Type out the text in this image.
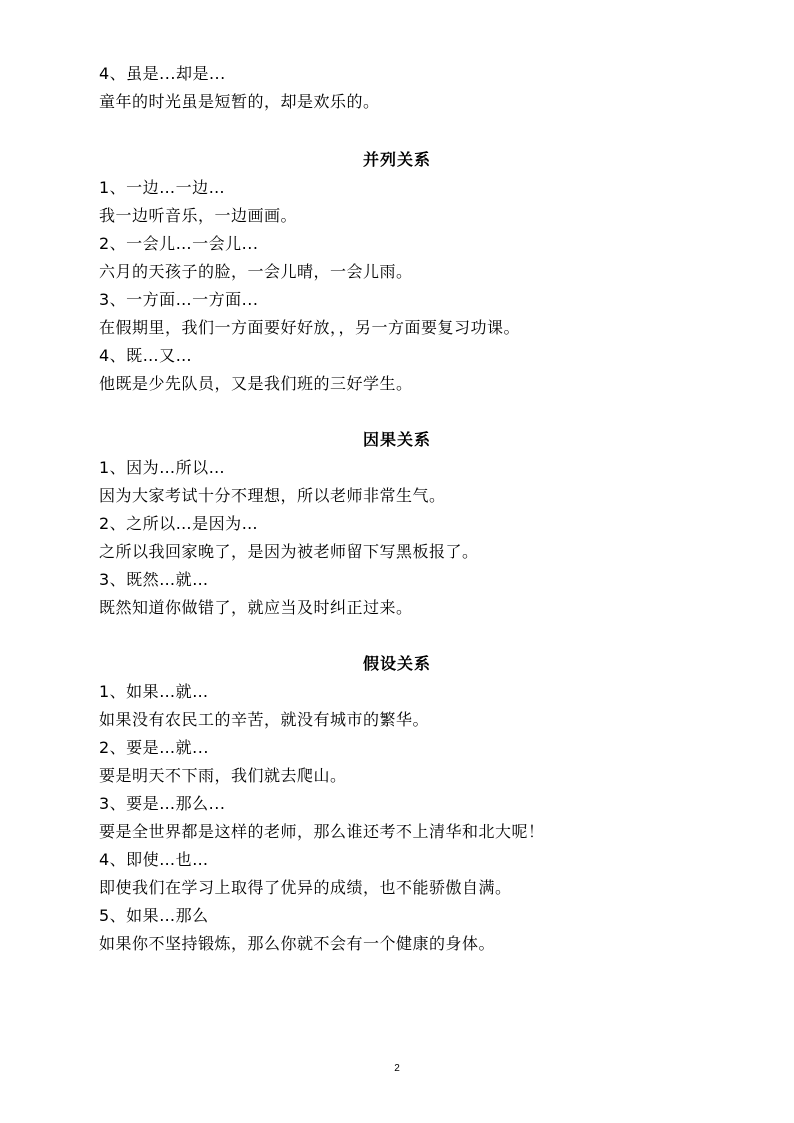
4、虽是...却是...
童年的时光虽是短暂的，却是欢乐的。
并列关系
1、一边…一边…
我一边听音乐，一边画画。
2、一会儿…一会儿...
六月的天孩子的脸，一会儿晴，一会儿雨。
3、一方面…一方面...
在假期里，我们一方面要好好放，，另一方面要复习功课。
4、既…又…
他既是少先队员，又是我们班的三好学生。
因果关系
1、因为…所以…
因为大家考试十分不理想，所以老师非常生气。
2、之所以…是因为…
之所以我回家晚了，是因为被老师留下写黑板报了。
3、既然…就…
既然知道你做错了，就应当及时纠正过来。
假设关系
1、如果…就…
如果没有农民工的辛苦，就没有城市的繁华。
2、要是…就...
要是明天不下雨，我们就去爬山。
3、要是…那么...
要是全世界都是这样的老师，那么谁还考不上清华和北大呢！
4、即使…也…
即使我们在学习上取得了优异的成绩，也不能骄傲自满。
5、如果…那么
如果你不坚持锻炼，那么你就不会有一个健康的身体。
2
